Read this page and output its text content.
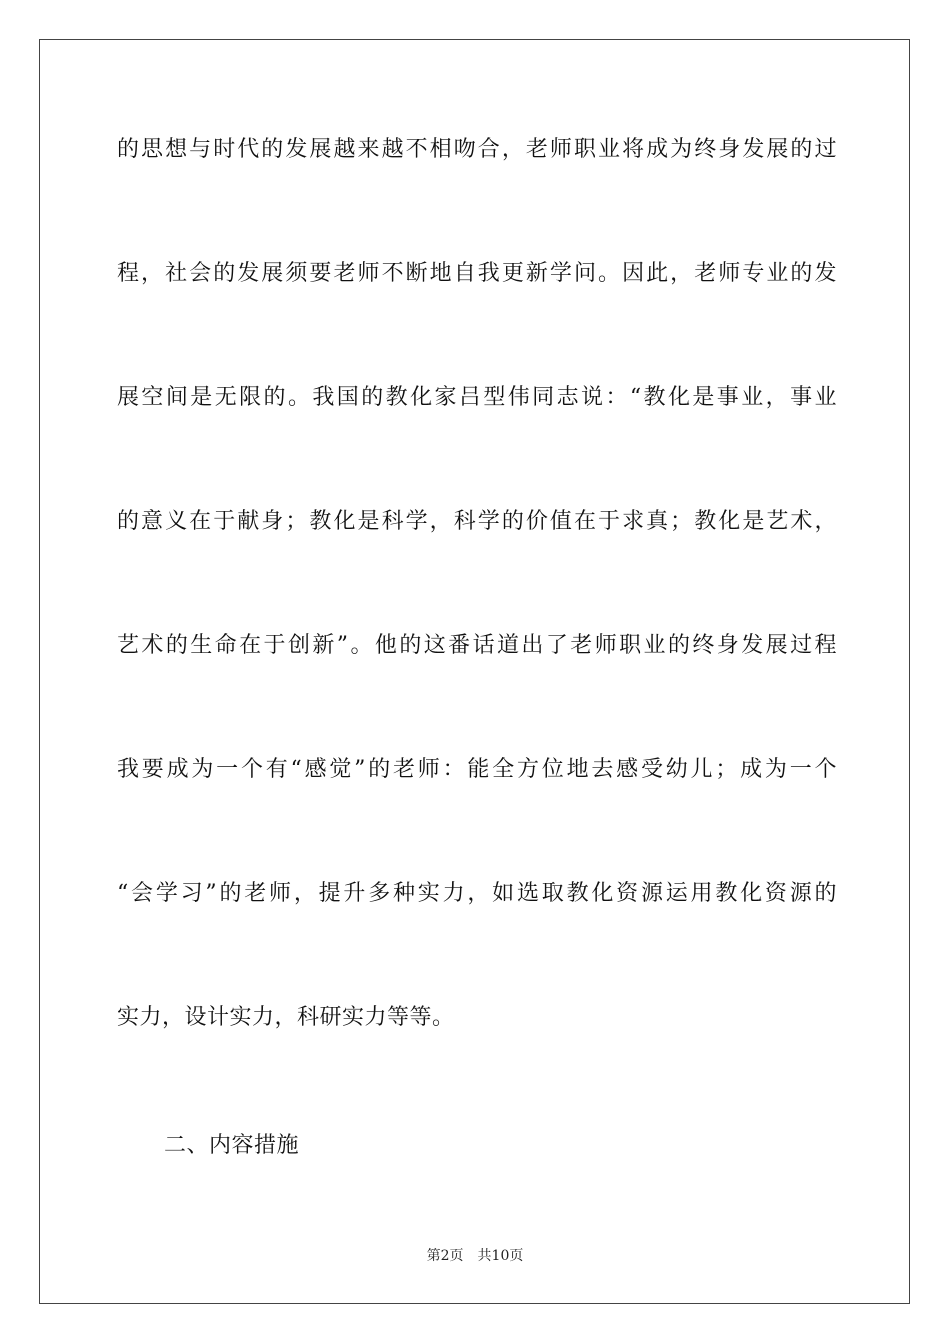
的思想与时代的发展越来越不相吻合，老师职业将成为终身发展的过
程，社会的发展须要老师不断地自我更新学问。因此，老师专业的发
展空间是无限的。我国的教化家吕型伟同志说：“教化是事业，事业
的意义在于献身；教化是科学，科学的价值在于求真；教化是艺术，
艺术的生命在于创新”。他的这番话道出了老师职业的终身发展过程
我要成为一个有“感觉”的老师：能全方位地去感受幼儿；成为一个
“会学习”的老师，提升多种实力，如选取教化资源运用教化资源的
实力，设计实力，科研实力等等。
二、内容措施
第2页 共10页
